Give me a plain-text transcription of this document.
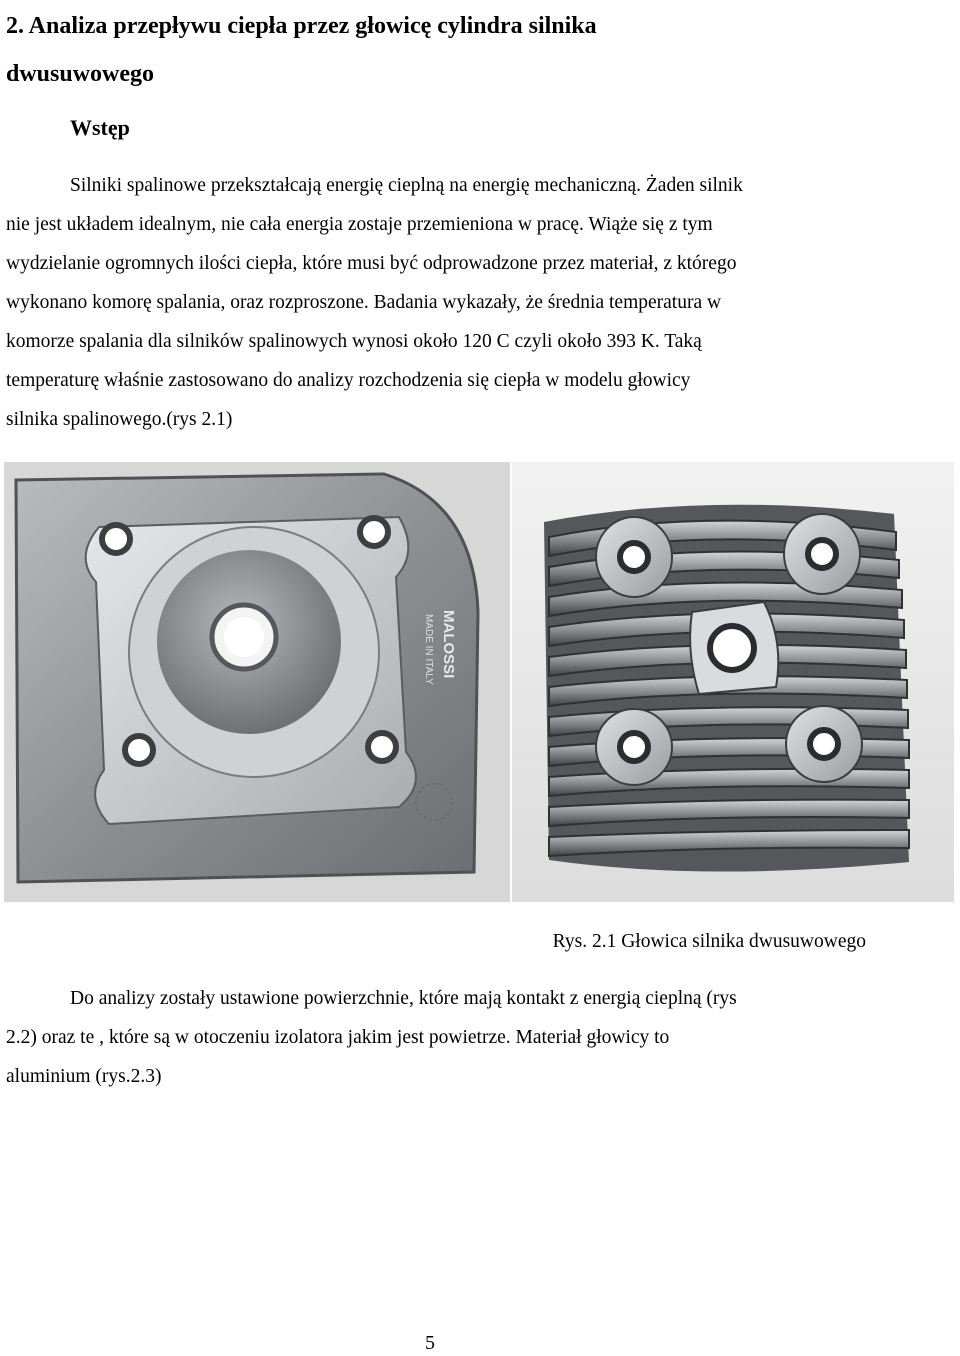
2. Analiza przepływu ciepła przez głowicę cylindra silnika
dwusuwowego
Wstęp
Silniki spalinowe przekształcają energię cieplną na energię mechaniczną. Żaden silnik
nie jest układem idealnym, nie cała energia zostaje przemieniona w pracę. Wiąże się z tym
wydzielanie ogromnych ilości ciepła, które musi być odprowadzone przez materiał, z którego
wykonano komorę spalania, oraz rozproszone. Badania wykazały, że średnia temperatura w
komorze spalania dla silników spalinowych wynosi około 120 C czyli około 393 K. Taką
temperaturę właśnie zastosowano do analizy rozchodzenia się ciepła w modelu głowicy
silnika spalinowego.(rys 2.1)
MALOSSI
MADE IN ITALY
Rys. 2.1 Głowica silnika dwusuwowego
Do analizy zostały ustawione powierzchnie, które mają kontakt z energią cieplną (rys
2.2) oraz te , które są w otoczeniu izolatora jakim jest powietrze. Materiał głowicy to
aluminium (rys.2.3)
5
